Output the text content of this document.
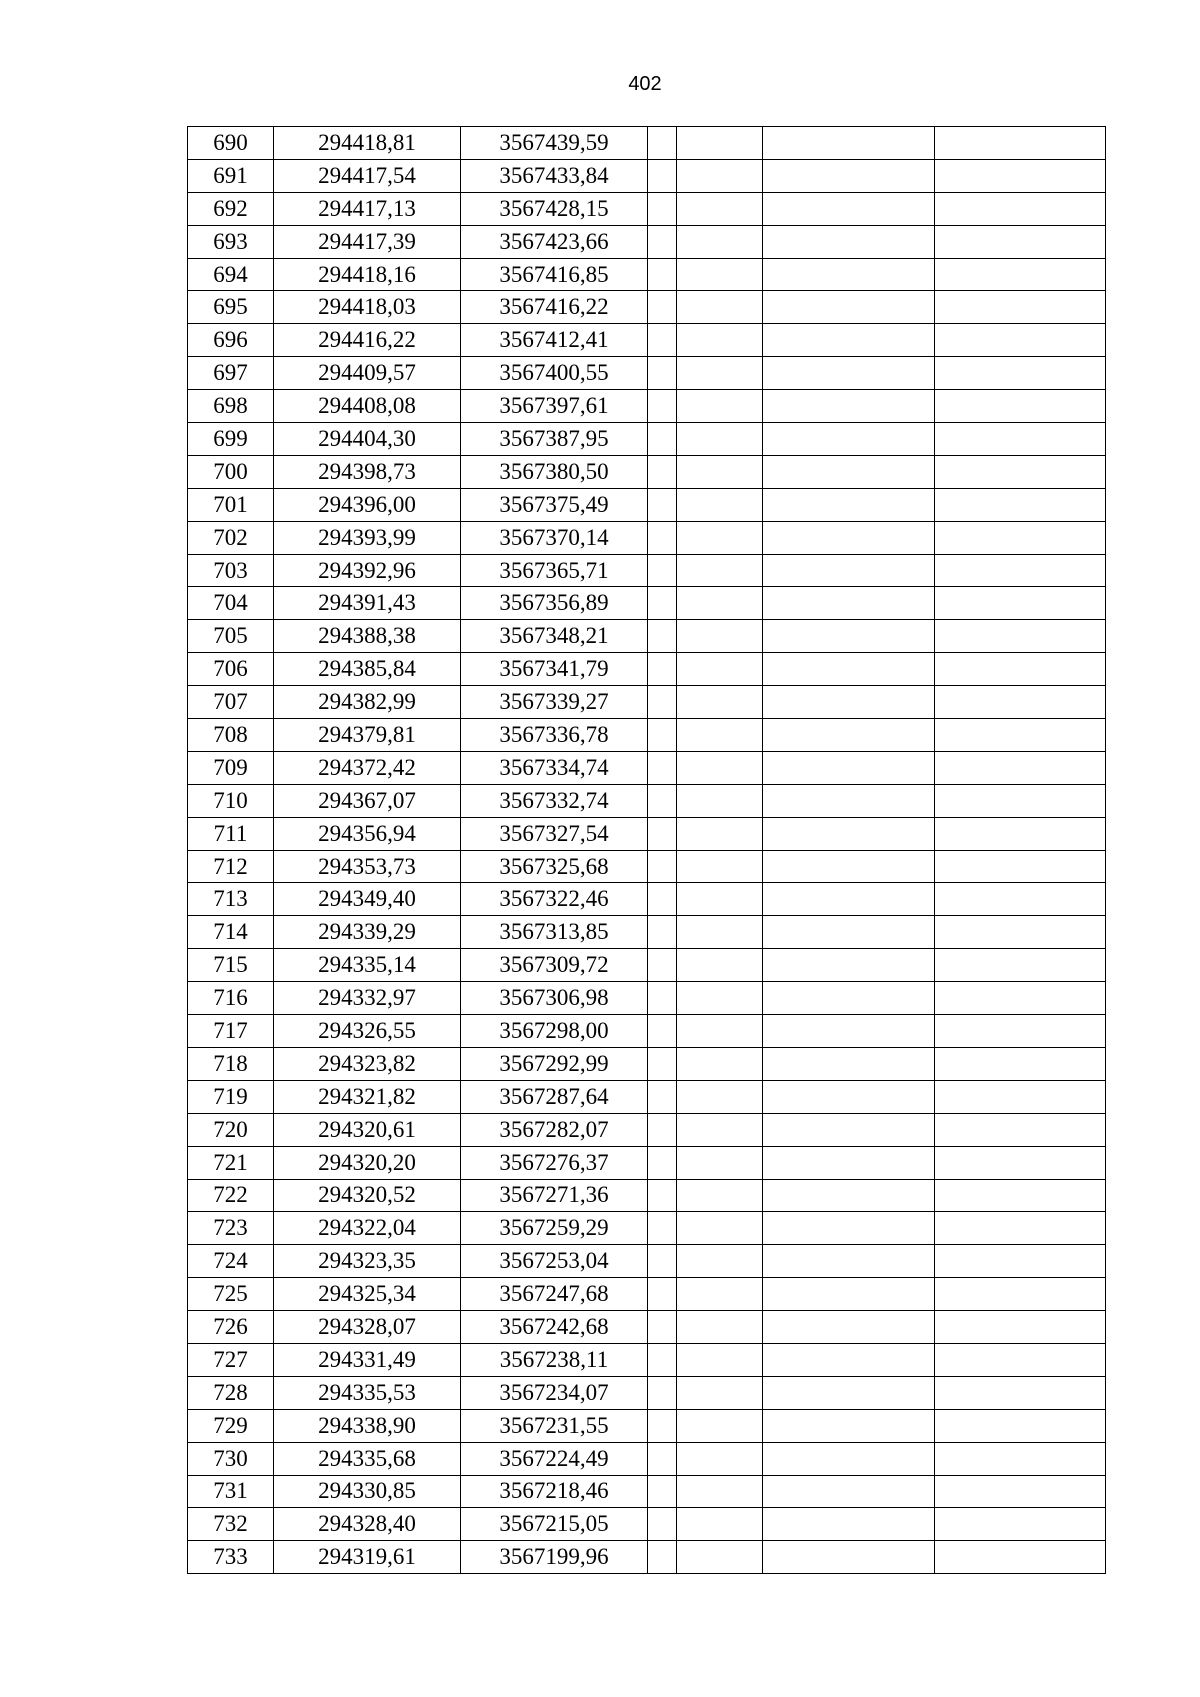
402
690	294418,81	3567439,59				
691	294417,54	3567433,84				
692	294417,13	3567428,15				
693	294417,39	3567423,66				
694	294418,16	3567416,85				
695	294418,03	3567416,22				
696	294416,22	3567412,41				
697	294409,57	3567400,55				
698	294408,08	3567397,61				
699	294404,30	3567387,95				
700	294398,73	3567380,50				
701	294396,00	3567375,49				
702	294393,99	3567370,14				
703	294392,96	3567365,71				
704	294391,43	3567356,89				
705	294388,38	3567348,21				
706	294385,84	3567341,79				
707	294382,99	3567339,27				
708	294379,81	3567336,78				
709	294372,42	3567334,74				
710	294367,07	3567332,74				
711	294356,94	3567327,54				
712	294353,73	3567325,68				
713	294349,40	3567322,46				
714	294339,29	3567313,85				
715	294335,14	3567309,72				
716	294332,97	3567306,98				
717	294326,55	3567298,00				
718	294323,82	3567292,99				
719	294321,82	3567287,64				
720	294320,61	3567282,07				
721	294320,20	3567276,37				
722	294320,52	3567271,36				
723	294322,04	3567259,29				
724	294323,35	3567253,04				
725	294325,34	3567247,68				
726	294328,07	3567242,68				
727	294331,49	3567238,11				
728	294335,53	3567234,07				
729	294338,90	3567231,55				
730	294335,68	3567224,49				
731	294330,85	3567218,46				
732	294328,40	3567215,05				
733	294319,61	3567199,96				
